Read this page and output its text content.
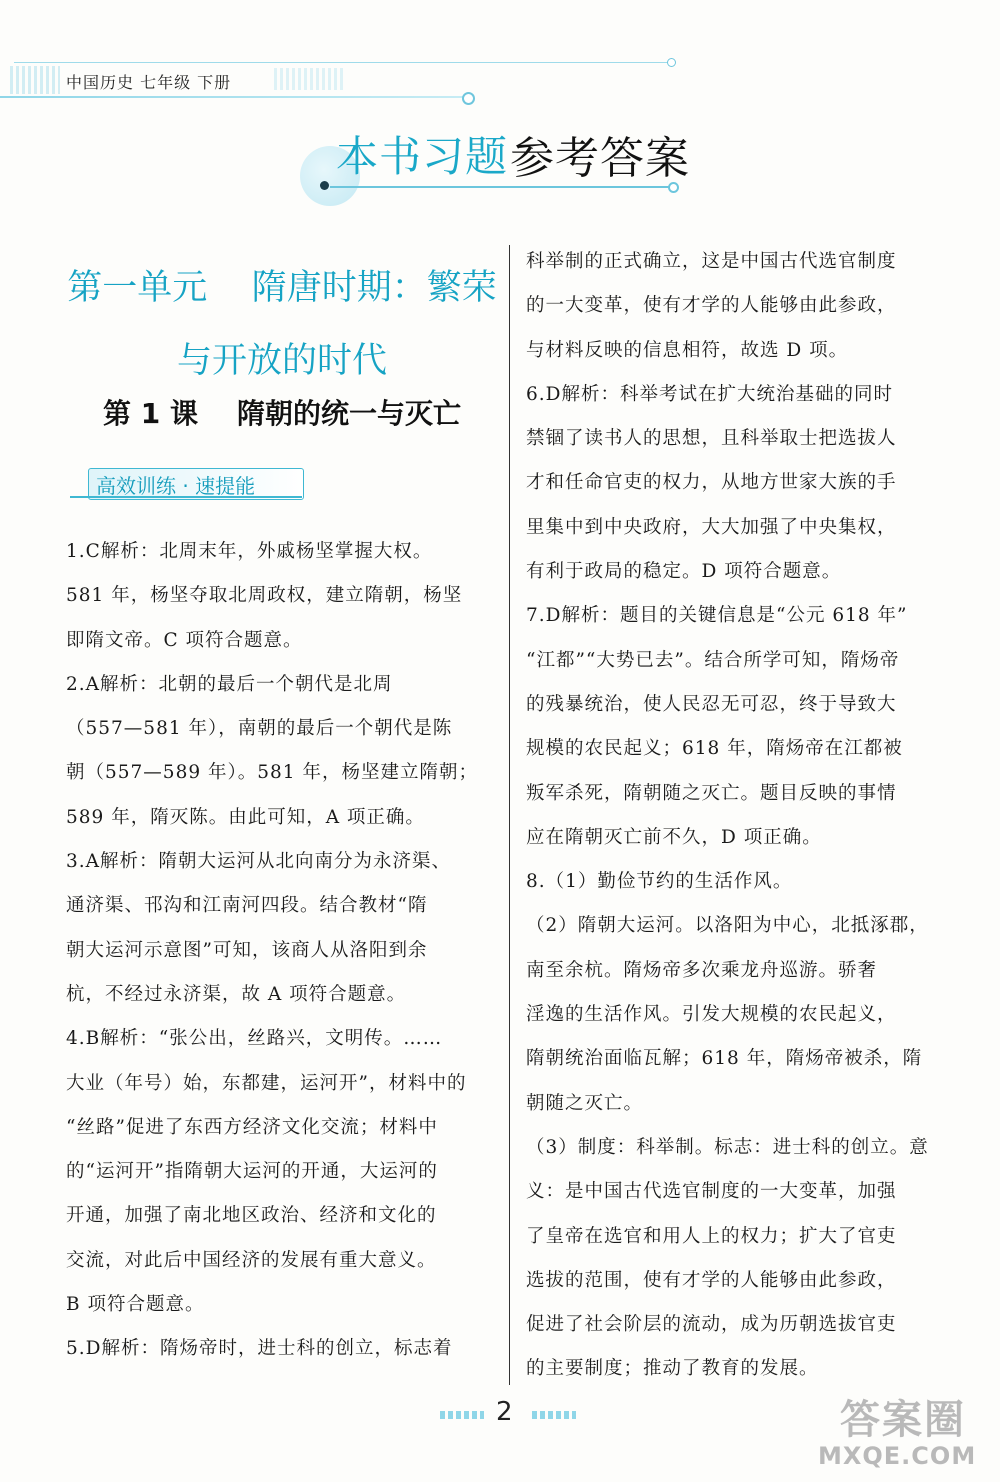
中国历史 七年级 下册
本书习题 参考答案
第一单元    隋唐时期：繁荣
与开放的时代
第 1 课    隋朝的统一与灭亡
高效训练 · 速提能

1.C解析：北周末年，外戚杨坚掌握大权。

581 年，杨坚夺取北周政权，建立隋朝，杨坚

即隋文帝。C 项符合题意。

2.A解析：北朝的最后一个朝代是北周

（557—581 年），南朝的最后一个朝代是陈

朝（557—589 年）。581 年，杨坚建立隋朝；

589 年，隋灭陈。由此可知，A 项正确。

3.A解析：隋朝大运河从北向南分为永济渠、

通济渠、邗沟和江南河四段。结合教材“隋

朝大运河示意图”可知，该商人从洛阳到余

杭，不经过永济渠，故 A 项符合题意。

4.B解析：“张公出，丝路兴，文明传。……

大业（年号）始，东都建，运河开”，材料中的

“丝路”促进了东西方经济文化交流；材料中

的“运河开”指隋朝大运河的开通，大运河的

开通，加强了南北地区政治、经济和文化的

交流，对此后中国经济的发展有重大意义。

B 项符合题意。

5.D解析：隋炀帝时，进士科的创立，标志着

科举制的正式确立，这是中国古代选官制度

的一大变革，使有才学的人能够由此参政，

与材料反映的信息相符，故选 D 项。

6.D解析：科举考试在扩大统治基础的同时

禁锢了读书人的思想，且科举取士把选拔人

才和任命官吏的权力，从地方世家大族的手

里集中到中央政府，大大加强了中央集权，

有利于政局的稳定。D 项符合题意。

7.D解析：题目的关键信息是“公元 618 年”

“江都”“大势已去”。结合所学可知，隋炀帝

的残暴统治，使人民忍无可忍，终于导致大

规模的农民起义；618 年，隋炀帝在江都被

叛军杀死，隋朝随之灭亡。题目反映的事情

应在隋朝灭亡前不久，D 项正确。

8.（1）勤俭节约的生活作风。

（2）隋朝大运河。以洛阳为中心，北抵涿郡，

南至余杭。隋炀帝多次乘龙舟巡游。骄奢

淫逸的生活作风。引发大规模的农民起义，

隋朝统治面临瓦解；618 年，隋炀帝被杀，隋

朝随之灭亡。

（3）制度：科举制。标志：进士科的创立。意

义：是中国古代选官制度的一大变革，加强

了皇帝在选官和用人上的权力；扩大了官吏

选拔的范围，使有才学的人能够由此参政，

促进了社会阶层的流动，成为历朝选拔官吏

的主要制度；推动了教育的发展。

2	答案圈
MXQE.COM
